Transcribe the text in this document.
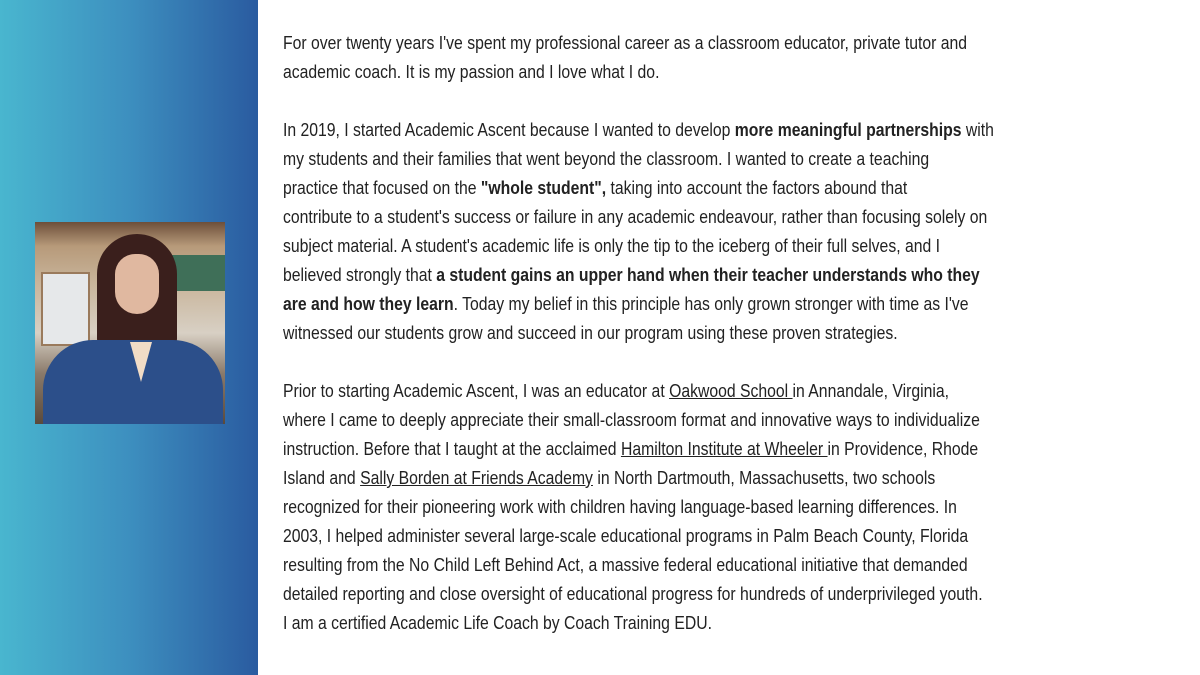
For over twenty years I've spent my professional career as a classroom educator, private tutor and
academic coach. It is my passion and I love what I do.
In 2019, I started Academic Ascent because I wanted to develop more meaningful partnerships with
my students and their families that went beyond the classroom. I wanted to create a teaching
practice that focused on the "whole student", taking into account the factors abound that
contribute to a student's success or failure in any academic endeavour, rather than focusing solely on
subject material. A student's academic life is only the tip to the iceberg of their full selves, and I
believed strongly that a student gains an upper hand when their teacher understands who they
are and how they learn. Today my belief in this principle has only grown stronger with time as I've
witnessed our students grow and succeed in our program using these proven strategies.
Prior to starting Academic Ascent, I was an educator at Oakwood School in Annandale, Virginia,
where I came to deeply appreciate their small-classroom format and innovative ways to individualize
instruction. Before that I taught at the acclaimed Hamilton Institute at Wheeler in Providence, Rhode
Island and Sally Borden at Friends Academy in North Dartmouth, Massachusetts, two schools
recognized for their pioneering work with children having language-based learning differences. In
2003, I helped administer several large-scale educational programs in Palm Beach County, Florida
resulting from the No Child Left Behind Act, a massive federal educational initiative that demanded
detailed reporting and close oversight of educational progress for hundreds of underprivileged youth.
I am a certified Academic Life Coach by Coach Training EDU.
